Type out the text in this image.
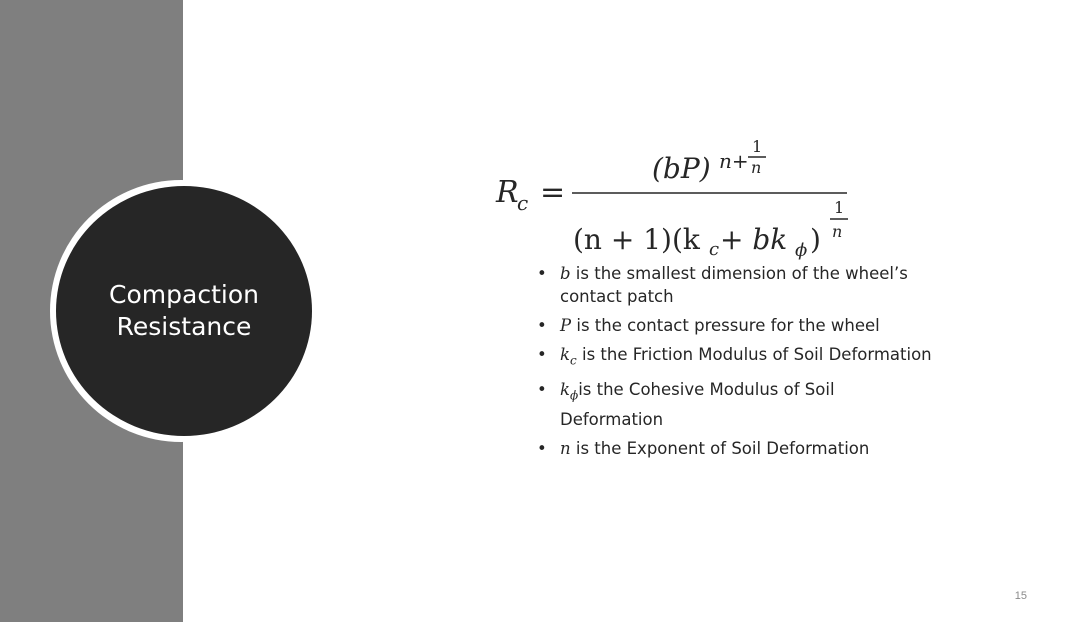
Compaction
Resistance
R
c =
(bP) n+
1
n
(n + 1)(k c + bk ϕ )
1
n
• b is the smallest dimension of the wheel’s contact patch
• P is the contact pressure for the wheel
• $k_c$ is the Friction Modulus of Soil Deformation
• $k_\phi is$ the Cohesive Modulus of Soil Deformation
• n is the Exponent of Soil Deformation
15
